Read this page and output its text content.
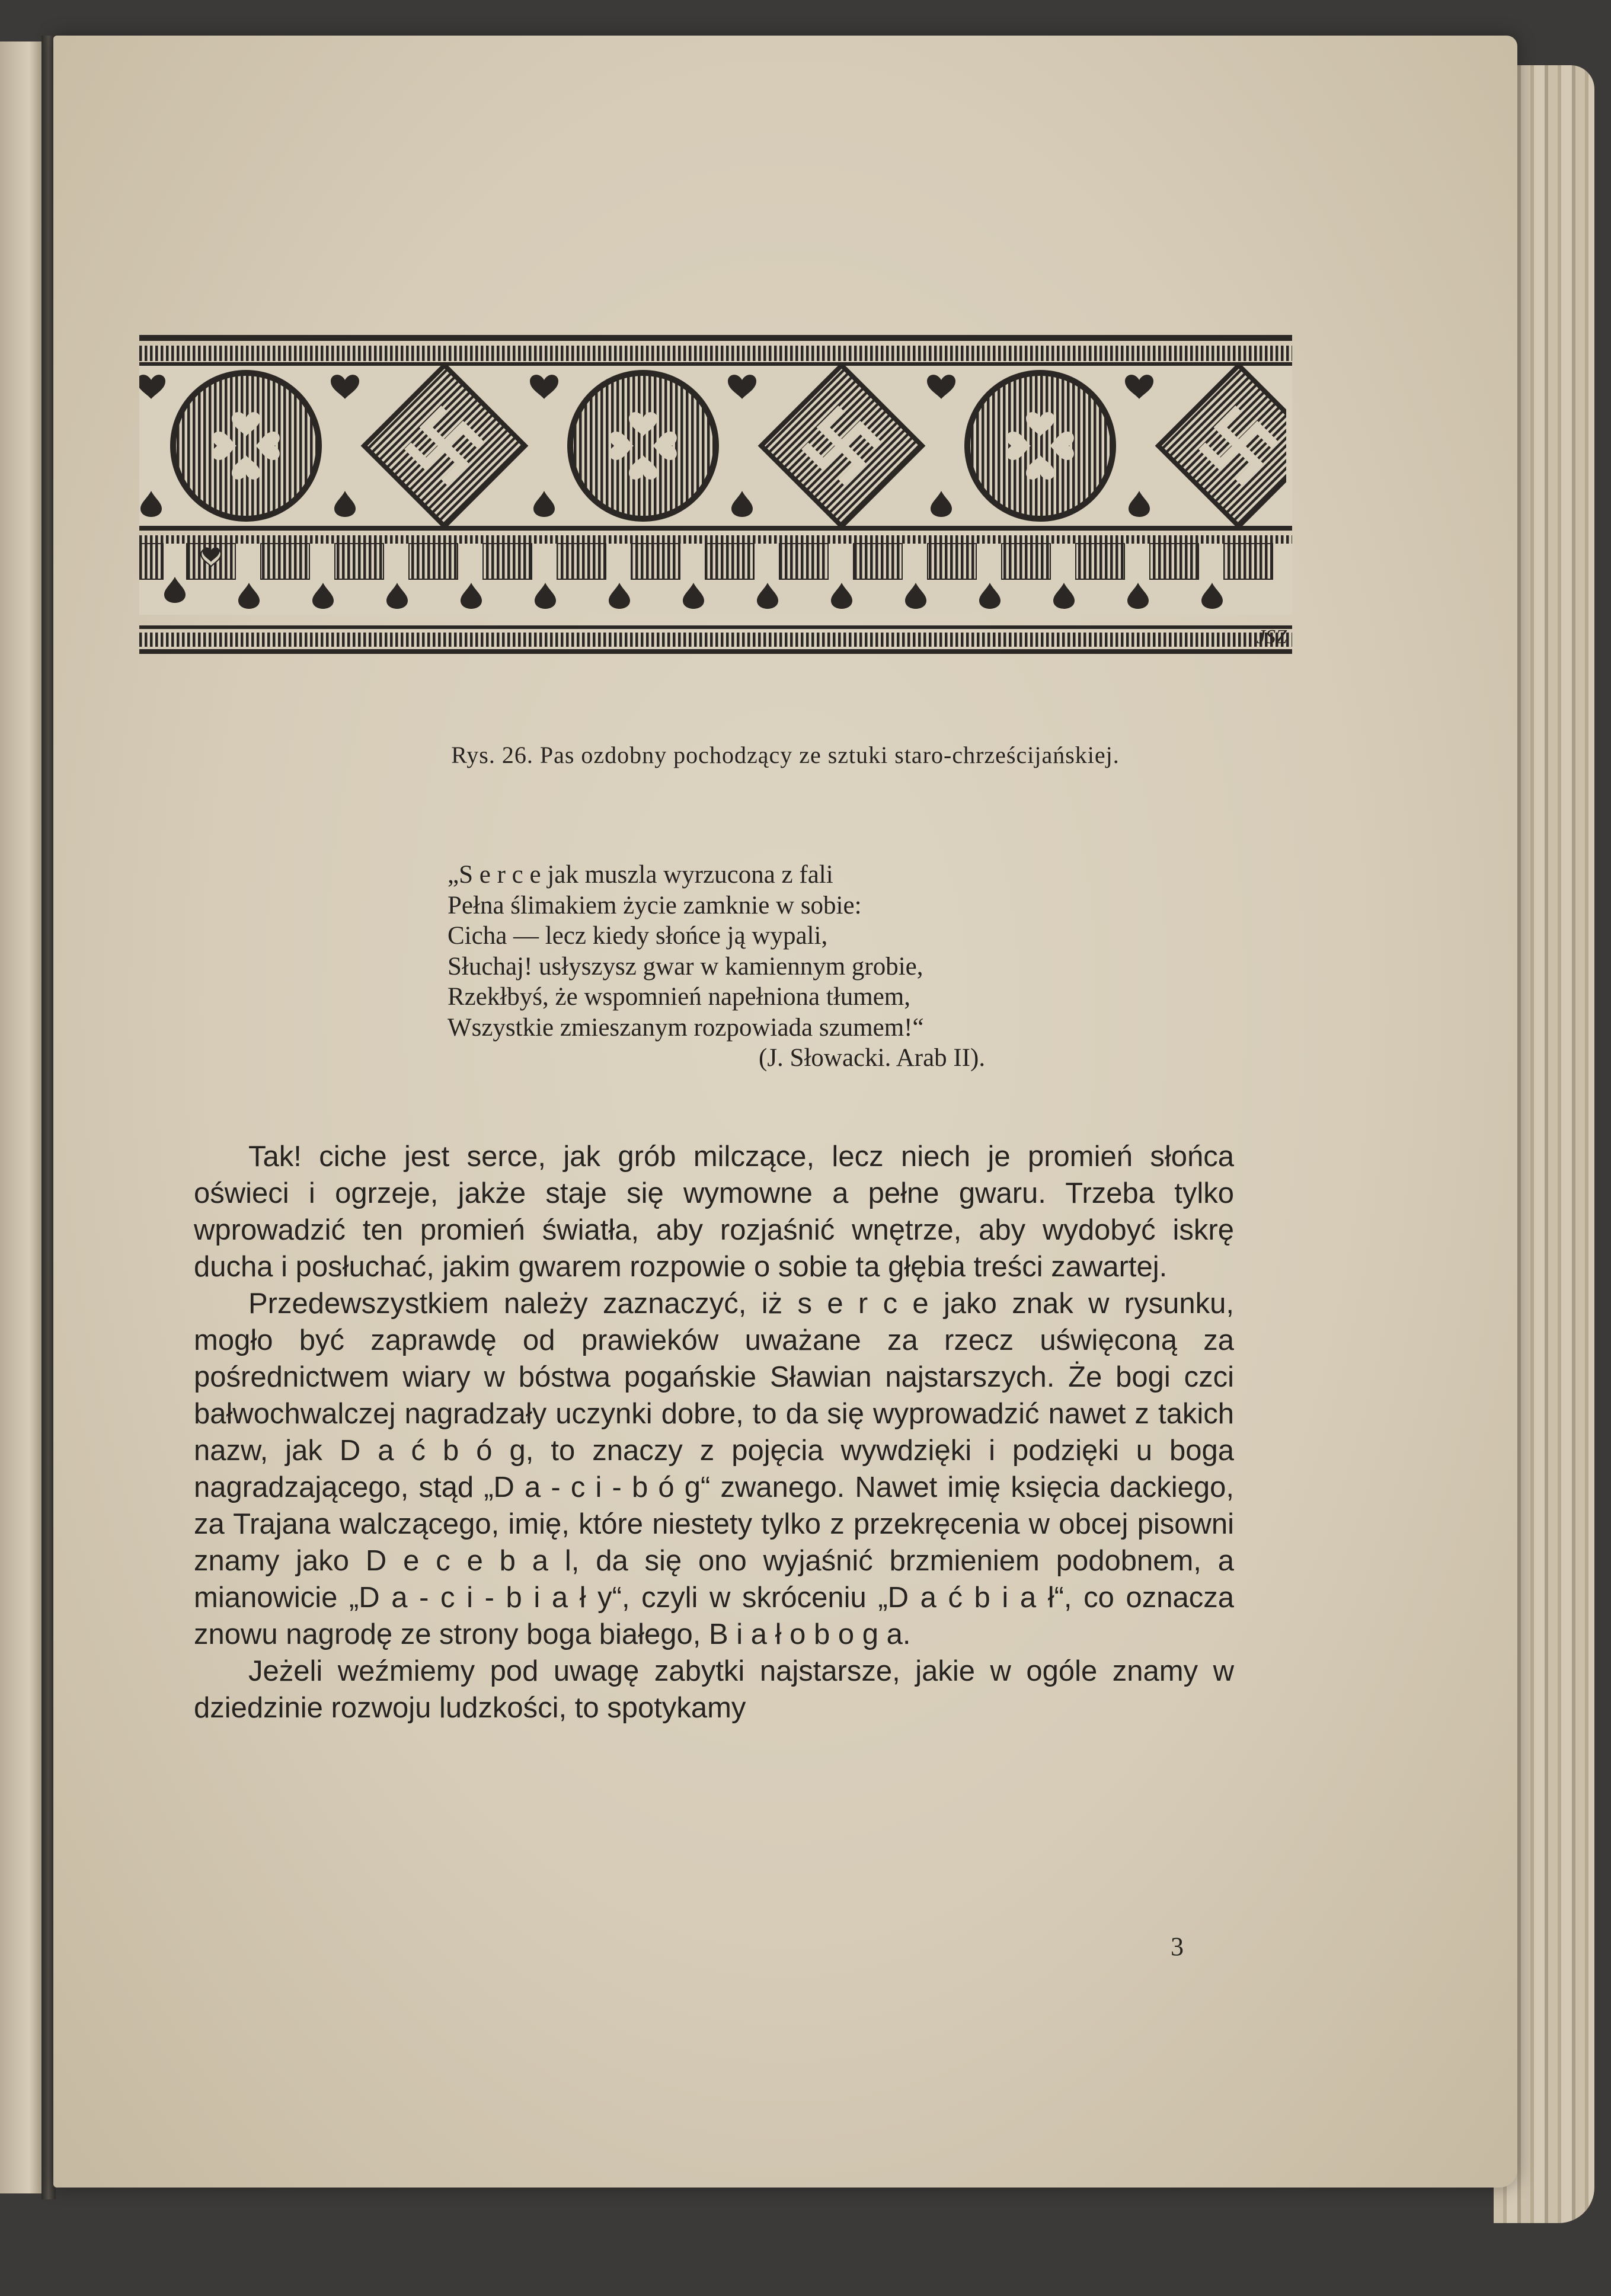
JSZ
Rys. 26. Pas ozdobny pochodzący ze sztuki staro-chrześcijańskiej.
„S e r c e jak muszla wyrzucona z fali
Pełna ślimakiem życie zamknie w sobie:
Cicha — lecz kiedy słońce ją wypali,
Słuchaj! usłyszysz gwar w kamiennym grobie,
Rzekłbyś, że wspomnień napełniona tłumem,
Wszystkie zmieszanym rozpowiada szumem!“
(J. Słowacki. Arab II).

Tak! ciche jest serce, jak grób milczące, lecz niech je promień słońca oświeci i ogrzeje, jakże staje się wymowne a pełne gwaru. Trzeba tylko wprowadzić ten promień światła, aby rozjaśnić wnętrze, aby wydobyć iskrę ducha i posłuchać, jakim gwarem rozpowie o sobie ta głębia treści zawartej.

Przedewszystkiem należy zaznaczyć, iż s e r c e jako znak w rysunku, mogło być zaprawdę od prawieków uważane za rzecz uświęconą za pośrednictwem wiary w bóstwa pogańskie Sławian najstarszych. Że bogi czci bałwochwalczej nagradzały uczynki dobre, to da się wyprowadzić nawet z takich nazw, jak D a ć b ó g, to znaczy z pojęcia wywdzięki i podzięki u boga nagradzającego, stąd „D a - c i - b ó g“ zwanego. Nawet imię księcia dackiego, za Trajana walczącego, imię, które niestety tylko z przekręcenia w obcej pisowni znamy jako D e c e b a l, da się ono wyjaśnić brzmieniem podobnem, a mianowicie „D a - c i - b i a ł y“, czyli w skróceniu „D a ć b i a ł“, co oznacza znowu nagrodę ze strony boga białego, B i a ł o b o g a.

Jeżeli weźmiemy pod uwagę zabytki najstarsze, jakie w ogóle znamy w dziedzinie rozwoju ludzkości, to spotykamy

3
